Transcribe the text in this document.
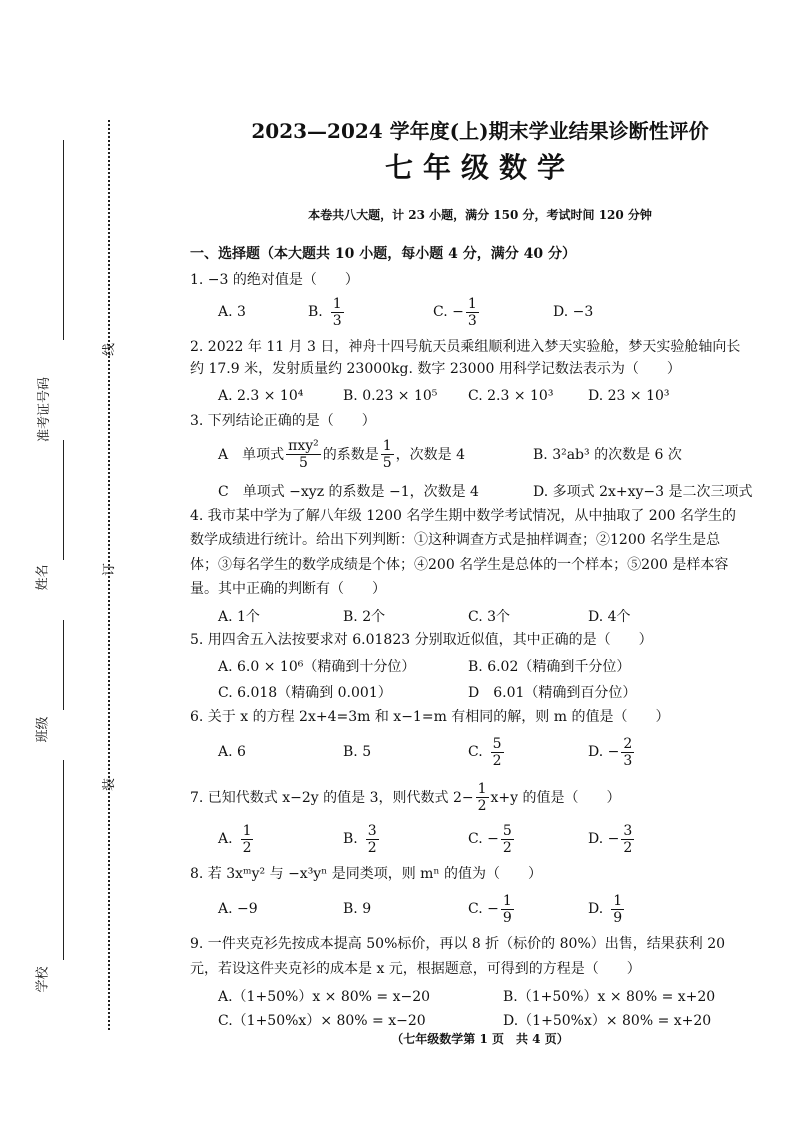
准考证号码
姓名
班级
学校
线
订
装
2023—2024 学年度(上)期末学业结果诊断性评价
七年级数学
本卷共八大题，计 23 小题，满分 150 分，考试时间 120 分钟
一、选择题（本大题共 10 小题，每小题 4 分，满分 40 分）
1. −3 的绝对值是（　　）
A. 3	B. $\frac{1}{3}$	C. − $\frac{1}{3}$	D. −3
2. 2022 年 11 月 3 日，神舟十四号航天员乘组顺利进入梦天实验舱，梦天实验舱轴向长
约 17.9 米，发射质量约 23000kg. 数字 23000 用科学记数法表示为（　　）
A. 2.3 × 10⁴	B. 0.23 × 10⁵	C. 2.3 × 10³	D. 23 × 10³
3. 下列结论正确的是（　　）
A　单项式 $\frac{\text{πxy²}}{5}$ 的系数是 $\frac{1}{5}$ ，次数是 4	B. 3²ab³ 的次数是 6 次
C　单项式 −xyz 的系数是 −1，次数是 4	D. 多项式 2x+xy−3 是二次三项式
4. 我市某中学为了解八年级 1200 名学生期中数学考试情况，从中抽取了 200 名学生的
数学成绩进行统计。给出下列判断：①这种调查方式是抽样调查；②1200 名学生是总
体；③每名学生的数学成绩是个体；④200 名学生是总体的一个样本；⑤200 是样本容
量。其中正确的判断有（　　）
A. 1个	B. 2个	C. 3个	D. 4个
5. 用四舍五入法按要求对 6.01823 分别取近似值，其中正确的是（　　）
A. 6.0 × 10⁶（精确到十分位）	B. 6.02（精确到千分位）
C. 6.018（精确到 0.001）	D　6.01（精确到百分位）
6. 关于 x 的方程 2x+4=3m 和 x−1=m 有相同的解，则 m 的值是（　　）
A. 6	B. 5	C. $\frac{5}{2}$	D. − $\frac{2}{3}$
7. 已知代数式 x−2y 的值是 3，则代数式 $2- \frac{1}{2} x+y$ 的值是（　　）
A. $\frac{1}{2}$	B. $\frac{3}{2}$	C. − $\frac{5}{2}$	D. − $\frac{3}{2}$
8. 若 3xᵐy² 与 −x³yⁿ 是同类项，则 mⁿ 的值为（　　）
A. −9	B. 9	C. − $\frac{1}{9}$	D. $\frac{1}{9}$
9. 一件夹克衫先按成本提高 50%标价，再以 8 折（标价的 80%）出售，结果获利 20
元，若设这件夹克衫的成本是 x 元，根据题意，可得到的方程是（　　）
A.（1+50%）x × 80% = x−20	B.（1+50%）x × 80% = x+20
C.（1+50%x）× 80% = x−20	D.（1+50%x）× 80% = x+20
（七年级数学第 1 页　共 4 页）
